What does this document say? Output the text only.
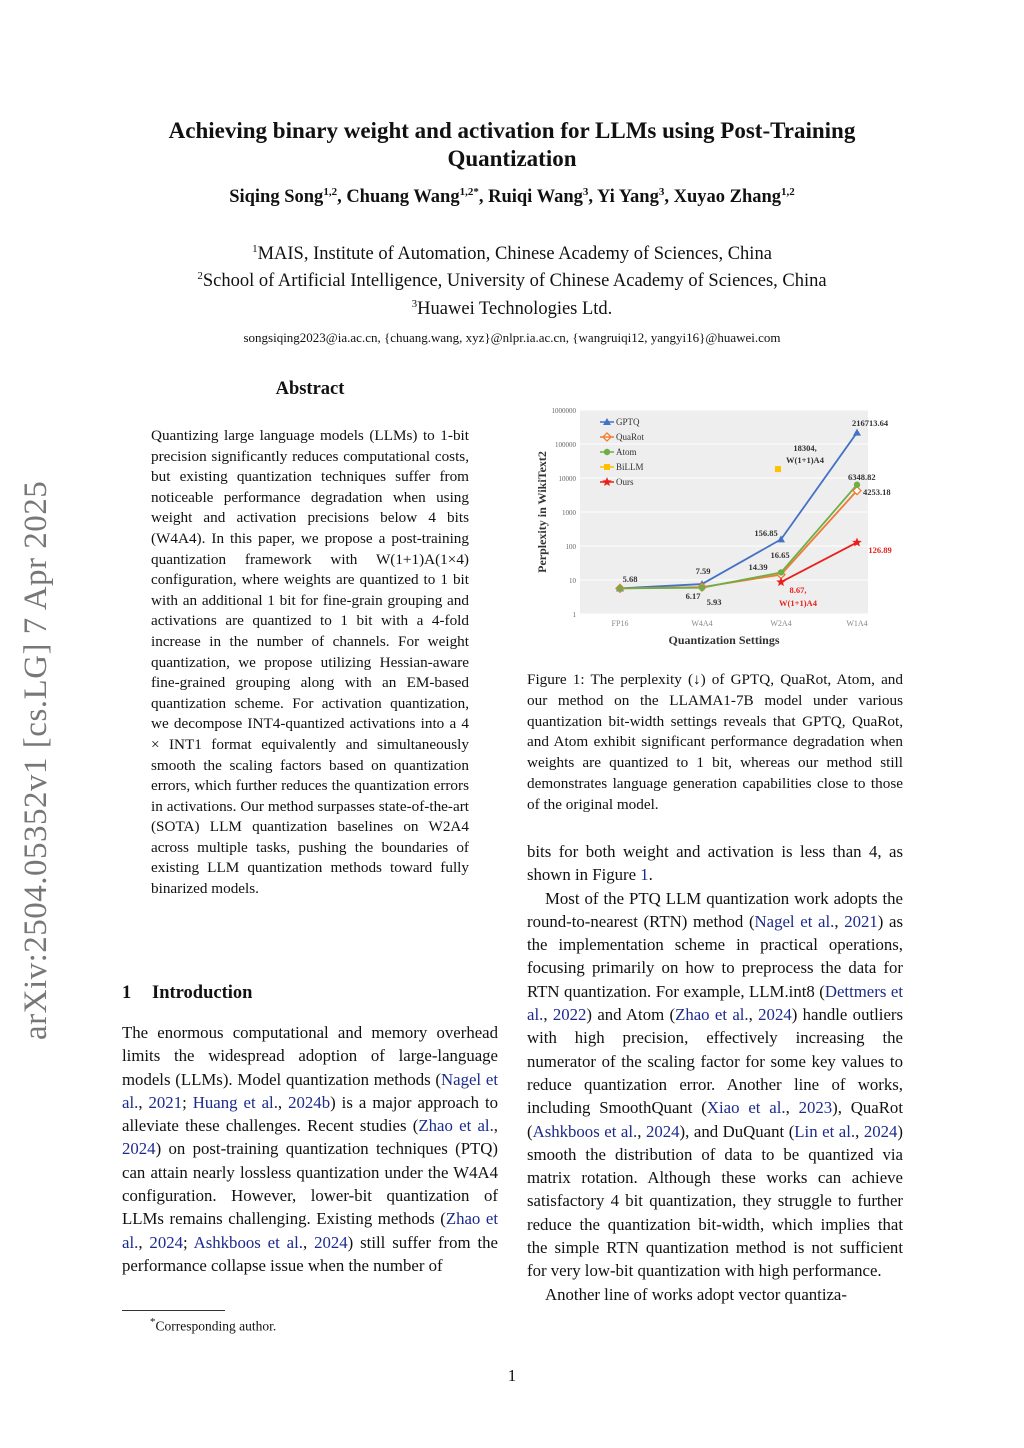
arXiv:2504.05352v1 [cs.LG] 7 Apr 2025
Achieving binary weight and activation for LLMs using Post-Training
Quantization
Siqing Song$^{1,2}$, Chuang Wang$^{1,2*}$, Ruiqi Wang$^3$, Yi Yang$^3$, Xuyao Zhang$^{1,2}$
$^1$MAIS, Institute of Automation, Chinese Academy of Sciences, China
$^2$School of Artificial Intelligence, University of Chinese Academy of Sciences, China
$^3$Huawei Technologies Ltd.
songsiqing2023@ia.ac.cn, {chuang.wang, xyz}@nlpr.ia.ac.cn, {wangruiqi12, yangyi16}@huawei.com
Abstract
Quantizing large language models (LLMs) to 1-bit precision significantly reduces computational costs, but existing quantization techniques suffer from noticeable performance degradation when using weight and activation precisions below 4 bits (W4A4). In this paper, we propose a post-training quantization framework with W(1+1)A(1×4) configuration, where weights are quantized to 1 bit with an additional 1 bit for fine-grain grouping and activations are quantized to 1 bit with a 4-fold increase in the number of channels. For weight quantization, we propose utilizing Hessian-aware fine-grained grouping along with an EM-based quantization scheme. For activation quantization, we decompose INT4-quantized activations into a 4 × INT1 format equivalently and simultaneously smooth the scaling factors based on quantization errors, which further reduces the quantization errors in activations. Our method surpasses state-of-the-art (SOTA) LLM quantization baselines on W2A4 across multiple tasks, pushing the boundaries of existing LLM quantization methods toward fully binarized models.
1 Introduction

The enormous computational and memory overhead limits the widespread adoption of large-language models (LLMs). Model quantization methods (Nagel et al., 2021; Huang et al., 2024b) is a major approach to alleviate these challenges. Recent studies (Zhao et al., 2024) on post-training quantization techniques (PTQ) can attain nearly lossless quantization under the W4A4 configuration. However, lower-bit quantization of LLMs remains challenging. Existing methods (Zhao et al., 2024; Ashkboos et al., 2024) still suffer from the performance collapse issue when the number of

*Corresponding author.
1000000
100000
10000
1000
100
10
1
FP16	W4A4	W2A4	W1A4
5.68
7.59
156.85
216713.64
6.17
14.39
4253.18
5.93
16.65
6348.82
18304,
W(1+1)A4
8.67,
W(1+1)A4
126.89
GPTQ
QuaRot
Atom
BiLLM
Ours
Perplexity in WikiText2
Quantization Settings
Figure 1: The perplexity (↓) of GPTQ, QuaRot, Atom, and our method on the LLAMA1-7B model under various quantization bit-width settings reveals that GPTQ, QuaRot, and Atom exhibit significant performance degradation when weights are quantized to 1 bit, whereas our method still demonstrates language generation capabilities close to those of the original model.

bits for both weight and activation is less than 4, as shown in Figure 1.

Most of the PTQ LLM quantization work adopts the round-to-nearest (RTN) method (Nagel et al., 2021) as the implementation scheme in practical operations, focusing primarily on how to preprocess the data for RTN quantization. For example, LLM.int8 (Dettmers et al., 2022) and Atom (Zhao et al., 2024) handle outliers with high precision, effectively increasing the numerator of the scaling factor for some key values to reduce quantization error. Another line of works, including SmoothQuant (Xiao et al., 2023), QuaRot (Ashkboos et al., 2024), and DuQuant (Lin et al., 2024) smooth the distribution of data to be quantized via matrix rotation. Although these works can achieve satisfactory 4 bit quantization, they struggle to further reduce the quantization bit-width, which implies that the simple RTN quantization method is not sufficient for very low-bit quantization with high performance.

Another line of works adopt vector quantiza-

1
